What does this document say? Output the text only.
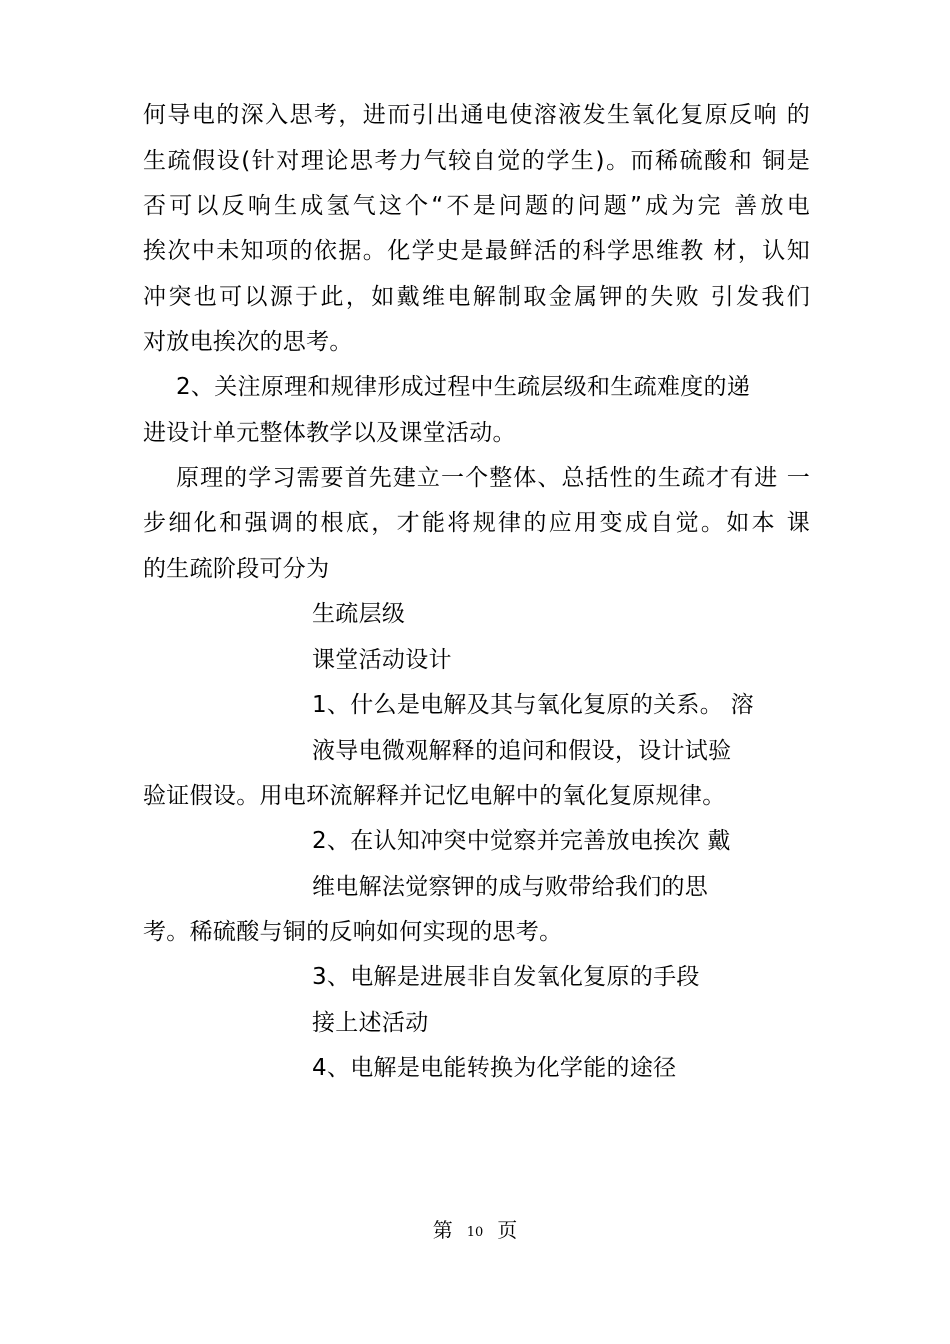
何导电的深入思考，进而引出通电使溶液发生氧化复原反响 的
生疏假设(针对理论思考力气较自觉的学生)。而稀硫酸和 铜是
否可以反响生成氢气这个“不是问题的问题”成为完 善放电
挨次中未知项的依据。化学史是最鲜活的科学思维教 材，认知
冲突也可以源于此，如戴维电解制取金属钾的失败 引发我们
对放电挨次的思考。
2、关注原理和规律形成过程中生疏层级和生疏难度的递
进设计单元整体教学以及课堂活动。
原理的学习需要首先建立一个整体、总括性的生疏才有进 一
步细化和强调的根底，才能将规律的应用变成自觉。如本 课
的生疏阶段可分为
生疏层级
课堂活动设计
1、什么是电解及其与氧化复原的关系。 溶
液导电微观解释的追问和假设，设计试验
验证假设。用电环流解释并记忆电解中的氧化复原规律。
2、在认知冲突中觉察并完善放电挨次 戴
维电解法觉察钾的成与败带给我们的思
考。稀硫酸与铜的反响如何实现的思考。
3、电解是进展非自发氧化复原的手段
接上述活动
4、电解是电能转换为化学能的途径
第 10 页
